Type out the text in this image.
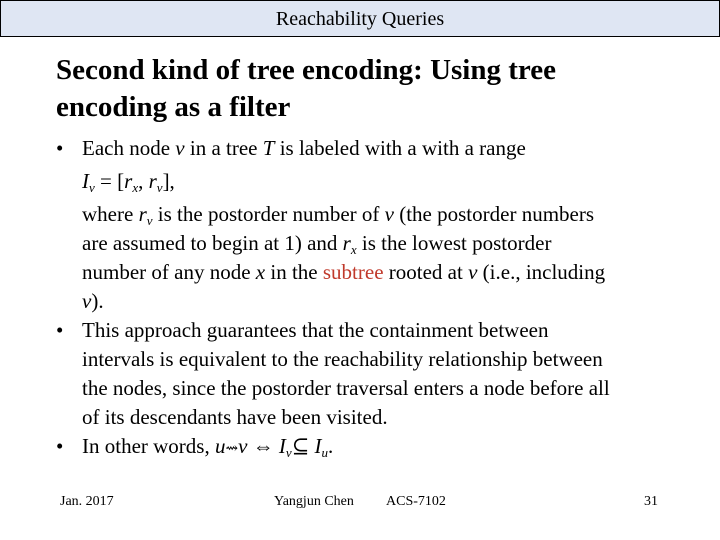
Reachability Queries
Second kind of tree encoding: Using tree
encoding as a filter
• Each node v in a tree T is labeled with a with a range
$I_v = [r_x$, $r_v$],
where $r_v$ is the postorder number of v (the postorder numbers
are assumed to begin at 1) and $r_x$ is the lowest postorder
number of any node x in the subtree rooted at v (i.e., including
v).
• This approach guarantees that the containment between
intervals is equivalent to the reachability relationship between
the nodes, since the postorder traversal enters a node before all
of its descendants have been visited.
• In other words, u⇝v ⇔ $I_v⊆$ $I_u$.
Jan. 2017	Yangjun Chen ACS-7102	31
